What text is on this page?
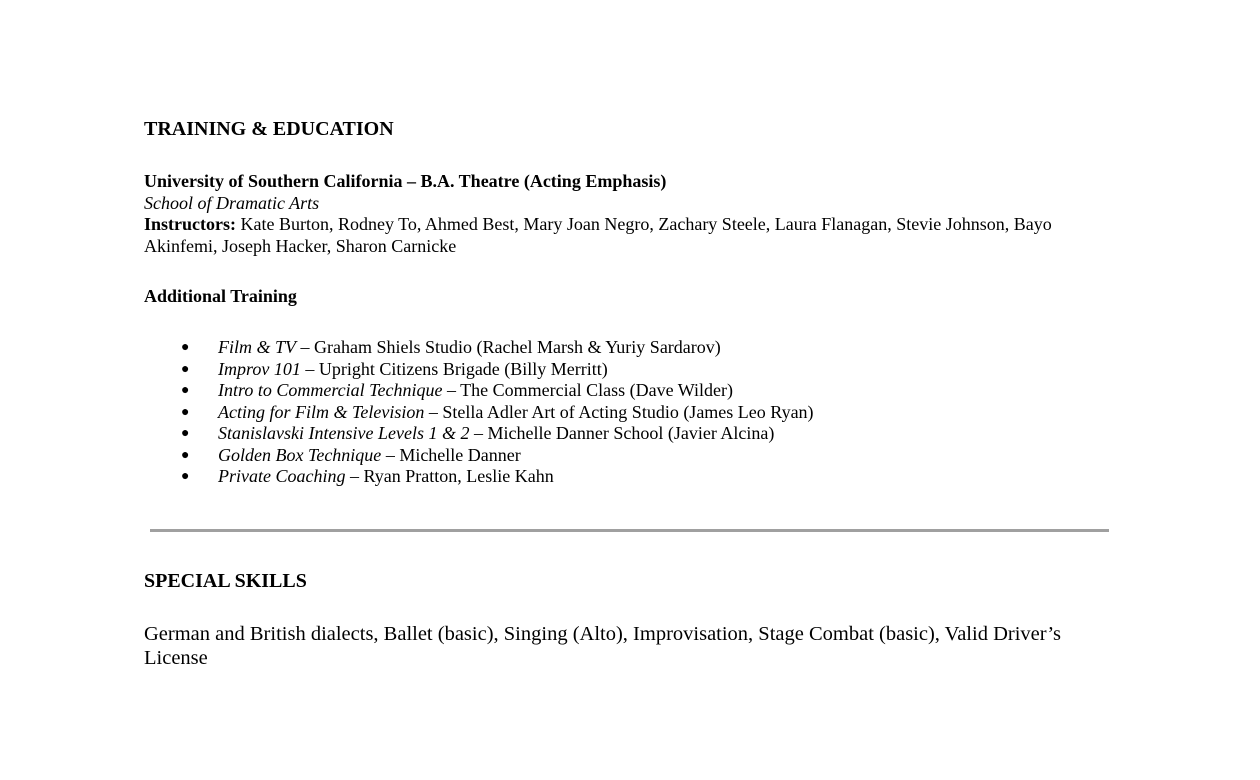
TRAINING & EDUCATION
University of Southern California – B.A. Theatre (Acting Emphasis)
School of Dramatic Arts
Instructors: Kate Burton, Rodney To, Ahmed Best, Mary Joan Negro, Zachary Steele, Laura Flanagan, Stevie Johnson, Bayo Akinfemi, Joseph Hacker, Sharon Carnicke
Additional Training
● Film & TV – Graham Shiels Studio (Rachel Marsh & Yuriy Sardarov)
● Improv 101 – Upright Citizens Brigade (Billy Merritt)
● Intro to Commercial Technique – The Commercial Class (Dave Wilder)
● Acting for Film & Television – Stella Adler Art of Acting Studio (James Leo Ryan)
● Stanislavski Intensive Levels 1 & 2 – Michelle Danner School (Javier Alcina)
● Golden Box Technique – Michelle Danner
● Private Coaching – Ryan Pratton, Leslie Kahn
SPECIAL SKILLS
German and British dialects, Ballet (basic), Singing (Alto), Improvisation, Stage Combat (basic), Valid Driver’s License
